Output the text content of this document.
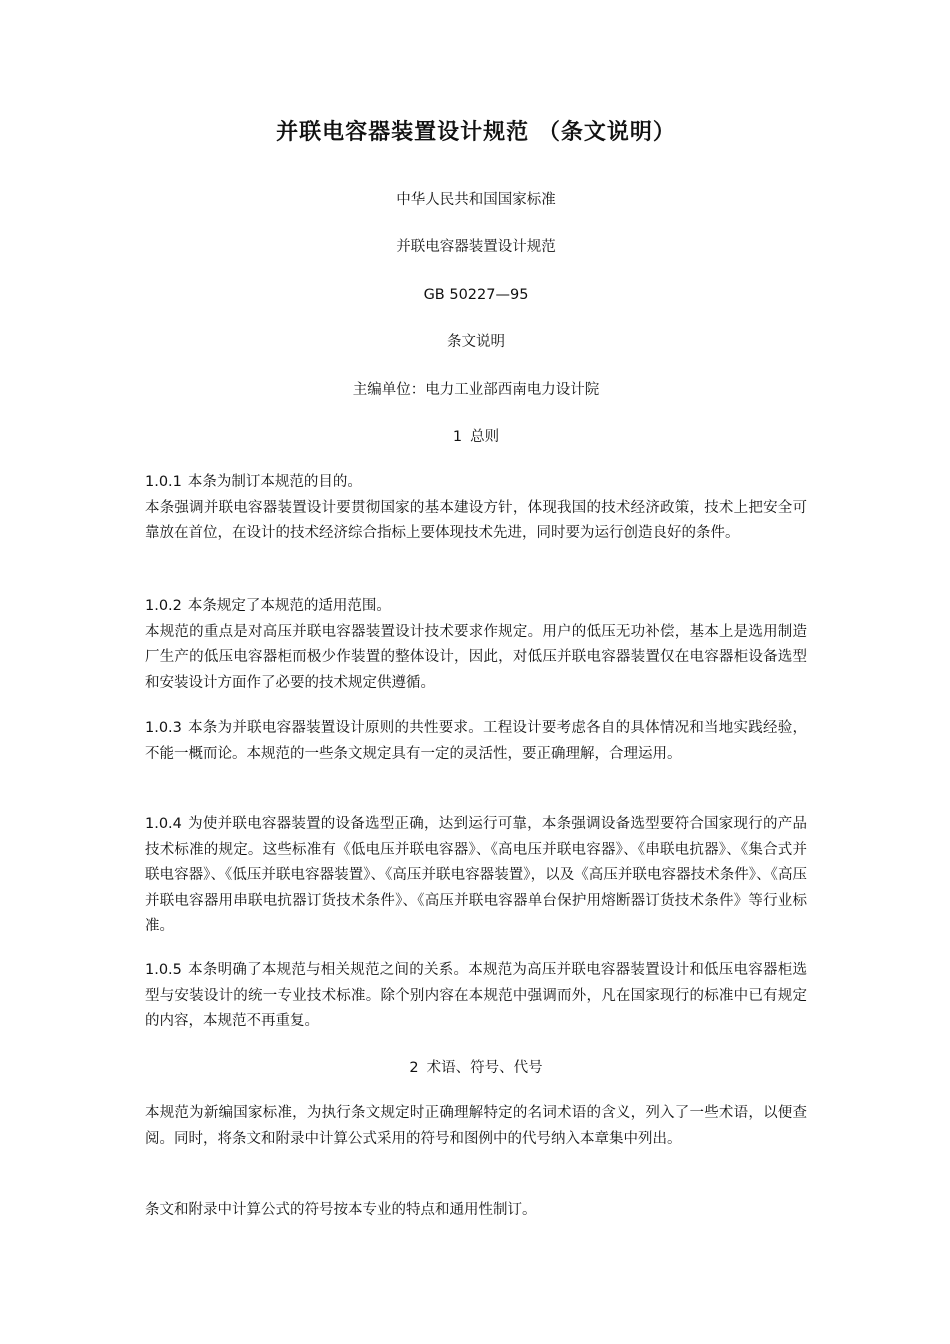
并联电容器装置设计规范 （条文说明）

中华人民共和国国家标准

并联电容器装置设计规范

GB 50227—95

条文说明

主编单位：电力工业部西南电力设计院

1 总则

1.0.1 本条为制订本规范的目的。

本条强调并联电容器装置设计要贯彻国家的基本建设方针，体现我国的技术经济政策，技术上把安全可靠放在首位，在设计的技术经济综合指标上要体现技术先进，同时要为运行创造良好的条件。

1.0.2 本条规定了本规范的适用范围。

本规范的重点是对高压并联电容器装置设计技术要求作规定。用户的低压无功补偿，基本上是选用制造厂生产的低压电容器柜而极少作装置的整体设计，因此，对低压并联电容器装置仅在电容器柜设备选型和安装设计方面作了必要的技术规定供遵循。

1.0.3 本条为并联电容器装置设计原则的共性要求。工程设计要考虑各自的具体情况和当地实践经验，不能一概而论。本规范的一些条文规定具有一定的灵活性，要正确理解，合理运用。

1.0.4 为使并联电容器装置的设备选型正确，达到运行可靠，本条强调设备选型要符合国家现行的产品技术标准的规定。这些标准有《低电压并联电容器》、《高电压并联电容器》、《串联电抗器》、《集合式并联电容器》、《低压并联电容器装置》、《高压并联电容器装置》，以及《高压并联电容器技术条件》、《高压并联电容器用串联电抗器订货技术条件》、《高压并联电容器单台保护用熔断器订货技术条件》等行业标准。

1.0.5 本条明确了本规范与相关规范之间的关系。本规范为高压并联电容器装置设计和低压电容器柜选型与安装设计的统一专业技术标准。除个别内容在本规范中强调而外，凡在国家现行的标准中已有规定的内容，本规范不再重复。

2 术语、符号、代号

本规范为新编国家标准，为执行条文规定时正确理解特定的名词术语的含义，列入了一些术语，以便查阅。同时，将条文和附录中计算公式采用的符号和图例中的代号纳入本章集中列出。

条文和附录中计算公式的符号按本专业的特点和通用性制订。
